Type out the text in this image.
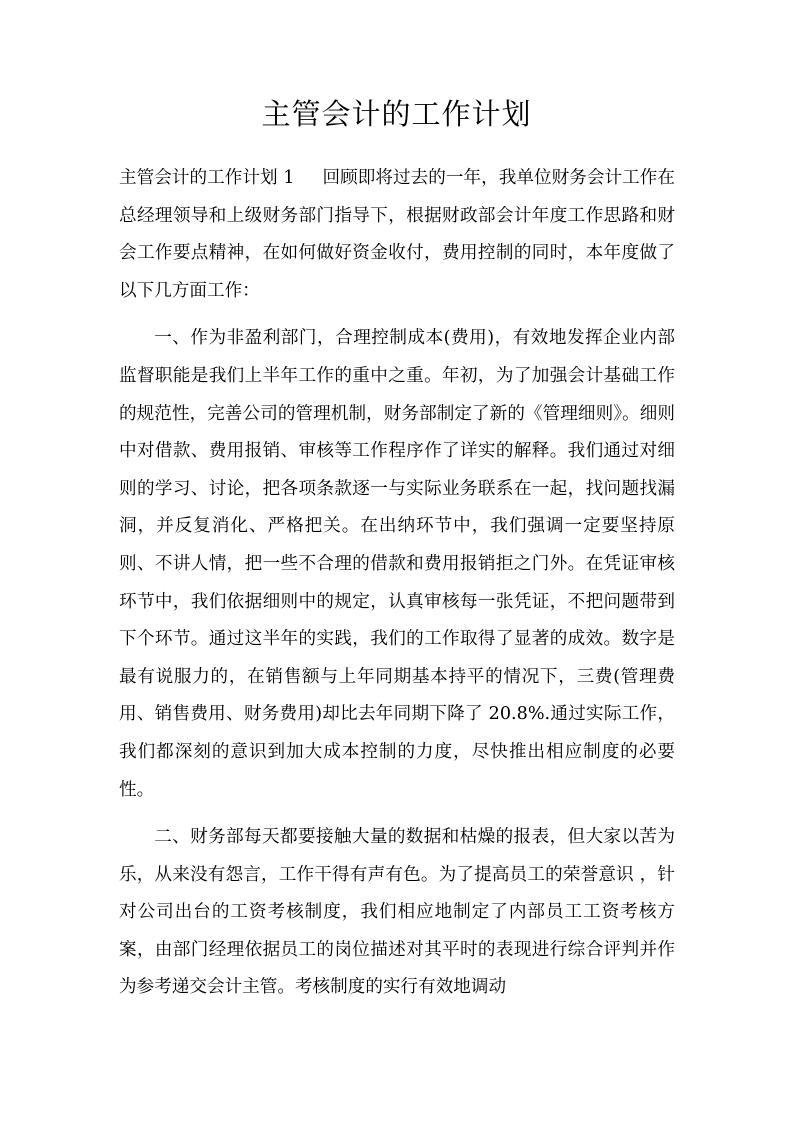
主管会计的工作计划

主管会计的工作计划 1 回顾即将过去的一年，我单位财务会计工作在总经理领导和上级财务部门指导下，根据财政部会计年度工作思路和财会工作要点精神，在如何做好资金收付，费用控制的同时，本年度做了以下几方面工作：

一、作为非盈利部门，合理控制成本(费用)，有效地发挥企业内部监督职能是我们上半年工作的重中之重。年初，为了加强会计基础工作的规范性，完善公司的管理机制，财务部制定了新的《管理细则》。细则中对借款、费用报销、审核等工作程序作了详实的解释。我们通过对细则的学习、讨论，把各项条款逐一与实际业务联系在一起，找问题找漏洞，并反复消化、严格把关。在出纳环节中，我们强调一定要坚持原则、不讲人情，把一些不合理的借款和费用报销拒之门外。在凭证审核环节中，我们依据细则中的规定，认真审核每一张凭证，不把问题带到下个环节。通过这半年的实践，我们的工作取得了显著的成效。数字是最有说服力的，在销售额与上年同期基本持平的情况下，三费(管理费用、销售费用、财务费用)却比去年同期下降了 20.8%.通过实际工作，我们都深刻的意识到加大成本控制的力度，尽快推出相应制度的必要性。

二、财务部每天都要接触大量的数据和枯燥的报表，但大家以苦为乐，从来没有怨言，工作干得有声有色。为了提高员工的荣誉意识 ，针对公司出台的工资考核制度，我们相应地制定了内部员工工资考核方案，由部门经理依据员工的岗位描述对其平时的表现进行综合评判并作为参考递交会计主管。考核制度的实行有效地调动
